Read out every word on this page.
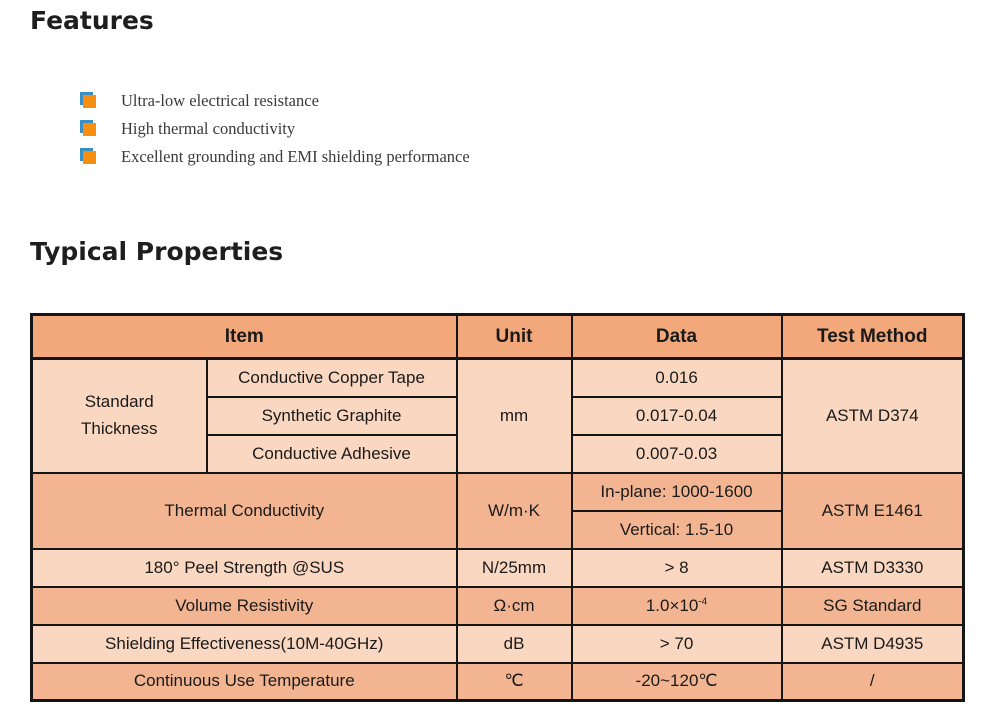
Features
Ultra-low electrical resistance
High thermal conductivity
Excellent grounding and EMI shielding performance
Typical Properties
Item		Unit	Data	Test Method
Standard Thickness	Conductive Copper Tape	mm	0.016	ASTM D374
	Synthetic Graphite		0.017-0.04	
	Conductive Adhesive		0.007-0.03	
Thermal Conductivity		W/m·K	In-plane: 1000-1600	ASTM E1461
			Vertical: 1.5-10	
180° Peel Strength @SUS		N/25mm	> 8	ASTM D3330
Volume Resistivity		Ω·cm	$1.0\times 10^{-4}$	SG Standard
Shielding Effectiveness(10M-40GHz)		dB	> 70	ASTM D4935
Continuous Use Temperature		℃	-20~120℃	/
